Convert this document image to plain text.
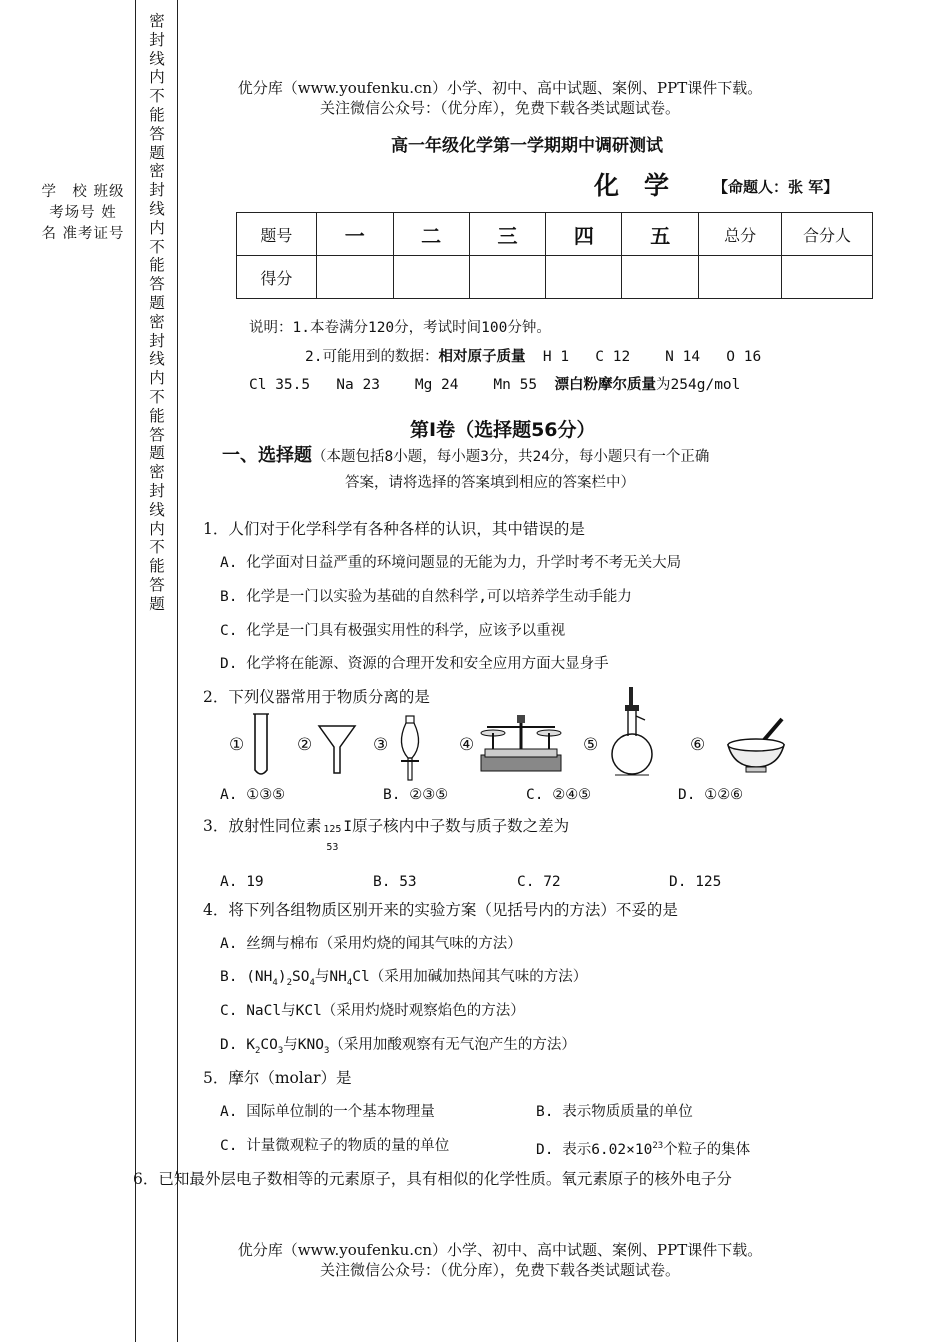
密封线内不能答题密封线内不能答题密封线内不能答题密封线内不能答题
学　校 班级 考场号 姓　名 准考证号
优分库（www.youfenku.cn）小学、初中、高中试题、案例、PPT课件下载。
关注微信公众号：（优分库），免费下载各类试题试卷。
高一年级化学第一学期期中调研测试
化　学	【命题人：张 军】
题号	一	二	三	四	五	总分	合分人
得分							
说明：1.本卷满分120分，考试时间100分钟。
2.可能用到的数据：相对原子质量  H 1   C 12    N 14   O 16
Cl 35.5   Na 23    Mg 24    Mn 55  漂白粉摩尔质量为254g/mol
第Ⅰ卷（选择题56分）
一、选择题（本题包括8小题，每小题3分，共24分，每小题只有一个正确
答案，请将选择的答案填到相应的答案栏中）
1．人们对于化学科学有各种各样的认识，其中错误的是
A. 化学面对日益严重的环境问题显的无能为力，升学时考不考无关大局
B. 化学是一门以实验为基础的自然科学,可以培养学生动手能力
C. 化学是一门具有极强实用性的科学，应该予以重视
D. 化学将在能源、资源的合理开发和安全应用方面大显身手
2．下列仪器常用于物质分离的是
①	②	③	④	⑤	⑥
A. ①③⑤	B. ②③⑤	C. ②④⑤	D. ①②⑥
3．放射性同位素 125
53
I原子核内中子数与质子数之差为
A. 19	B. 53	C. 72	D. 125
4．将下列各组物质区别开来的实验方案（见括号内的方法）不妥的是
A. 丝绸与棉布（采用灼烧的闻其气味的方法）
B. $(NH_4)_2SO_4$与$NH_4Cl$（采用加碱加热闻其气味的方法）
C. NaCl与KCl（采用灼烧时观察焰色的方法）
D. $K_2CO_3$与$KNO_3$（采用加酸观察有无气泡产生的方法）
5．摩尔（molar）是
A. 国际单位制的一个基本物理量	B. 表示物质质量的单位
C. 计量微观粒子的物质的量的单位	D. 表示$6.02\times 10^{23}$个粒子的集体
6．已知最外层电子数相等的元素原子，具有相似的化学性质。氧元素原子的核外电子分
优分库（www.youfenku.cn）小学、初中、高中试题、案例、PPT课件下载。
关注微信公众号：（优分库），免费下载各类试题试卷。
